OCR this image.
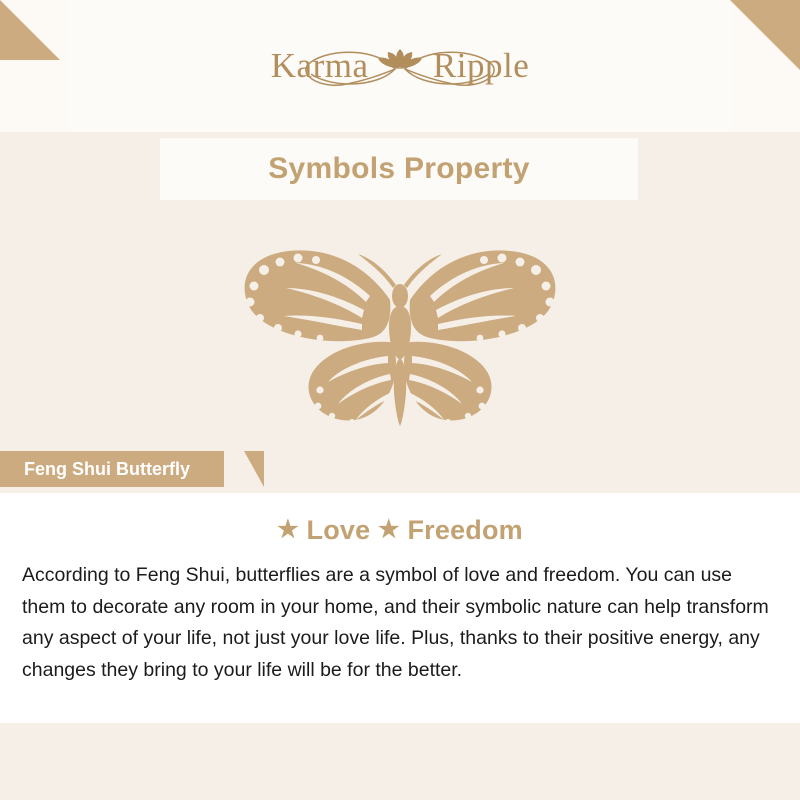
Karma Ripple
Symbols Property
Feng Shui Butterfly

★ Love ★ Freedom

According to Feng Shui, butterflies are a symbol of love and freedom. You can use them to decorate any room in your home, and their symbolic nature can help transform any aspect of your life, not just your love life. Plus, thanks to their positive energy, any changes they bring to your life will be for the better.
